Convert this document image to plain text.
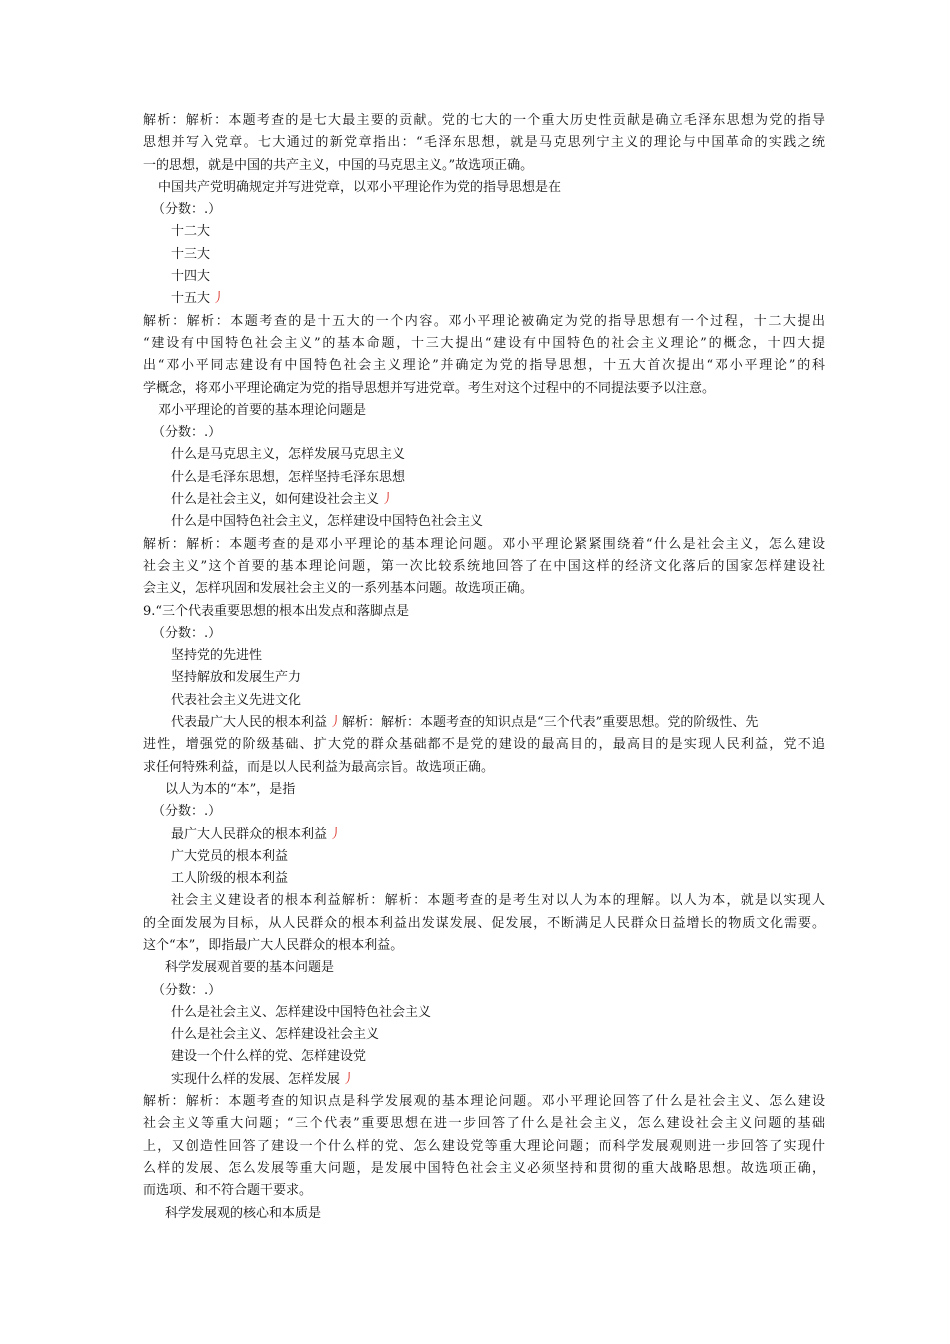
解析：解析：本题考查的是七大最主要的贡献。党的七大的一个重大历史性贡献是确立毛泽东思想为党的指导
思想并写入党章。七大通过的新党章指出：“毛泽东思想，就是马克思列宁主义的理论与中国革命的实践之统
一的思想，就是中国的共产主义，中国的马克思主义。”故选项正确。
中国共产党明确规定并写进党章，以邓小平理论作为党的指导思想是在
（分数：.）
十二大
十三大
十四大
十五大 丿
解析：解析：本题考查的是十五大的一个内容。邓小平理论被确定为党的指导思想有一个过程，十二大提出
“建设有中国特色社会主义”的基本命题，十三大提出“建设有中国特色的社会主义理论”的概念，十四大提
出“邓小平同志建设有中国特色社会主义理论”并确定为党的指导思想，十五大首次提出“邓小平理论”的科
学概念，将邓小平理论确定为党的指导思想并写进党章。考生对这个过程中的不同提法要予以注意。
邓小平理论的首要的基本理论问题是
（分数：.）
什么是马克思主义，怎样发展马克思主义
什么是毛泽东思想，怎样坚持毛泽东思想
什么是社会主义，如何建设社会主义 丿
什么是中国特色社会主义，怎样建设中国特色社会主义
解析：解析：本题考查的是邓小平理论的基本理论问题。邓小平理论紧紧围绕着“什么是社会主义，怎么建设
社会主义”这个首要的基本理论问题，第一次比较系统地回答了在中国这样的经济文化落后的国家怎样建设社
会主义，怎样巩固和发展社会主义的一系列基本问题。故选项正确。
9.“三个代表重要思想的根本出发点和落脚点是
（分数：.）
坚持党的先进性
坚持解放和发展生产力
代表社会主义先进文化
代表最广大人民的根本利益 丿解析：解析：本题考查的知识点是“三个代表”重要思想。党的阶级性、先
进性，增强党的阶级基础、扩大党的群众基础都不是党的建设的最高目的，最高目的是实现人民利益，党不追
求任何特殊利益，而是以人民利益为最高宗旨。故选项正确。
以人为本的“本”，是指
（分数：.）
最广大人民群众的根本利益 丿
广大党员的根本利益
工人阶级的根本利益
社会主义建设者的根本利益解析：解析：本题考查的是考生对以人为本的理解。以人为本，就是以实现人
的全面发展为目标，从人民群众的根本利益出发谋发展、促发展，不断满足人民群众日益增长的物质文化需要。
这个“本”，即指最广大人民群众的根本利益。
科学发展观首要的基本问题是
（分数：.）
什么是社会主义、怎样建设中国特色社会主义
什么是社会主义、怎样建设社会主义
建设一个什么样的党、怎样建设党
实现什么样的发展、怎样发展 丿
解析：解析：本题考查的知识点是科学发展观的基本理论问题。邓小平理论回答了什么是社会主义、怎么建设
社会主义等重大问题；“三个代表”重要思想在进一步回答了什么是社会主义，怎么建设社会主义问题的基础
上，又创造性回答了建设一个什么样的党、怎么建设党等重大理论问题；而科学发展观则进一步回答了实现什
么样的发展、怎么发展等重大问题，是发展中国特色社会主义必须坚持和贯彻的重大战略思想。故选项正确，
而选项、和不符合题干要求。
科学发展观的核心和本质是
